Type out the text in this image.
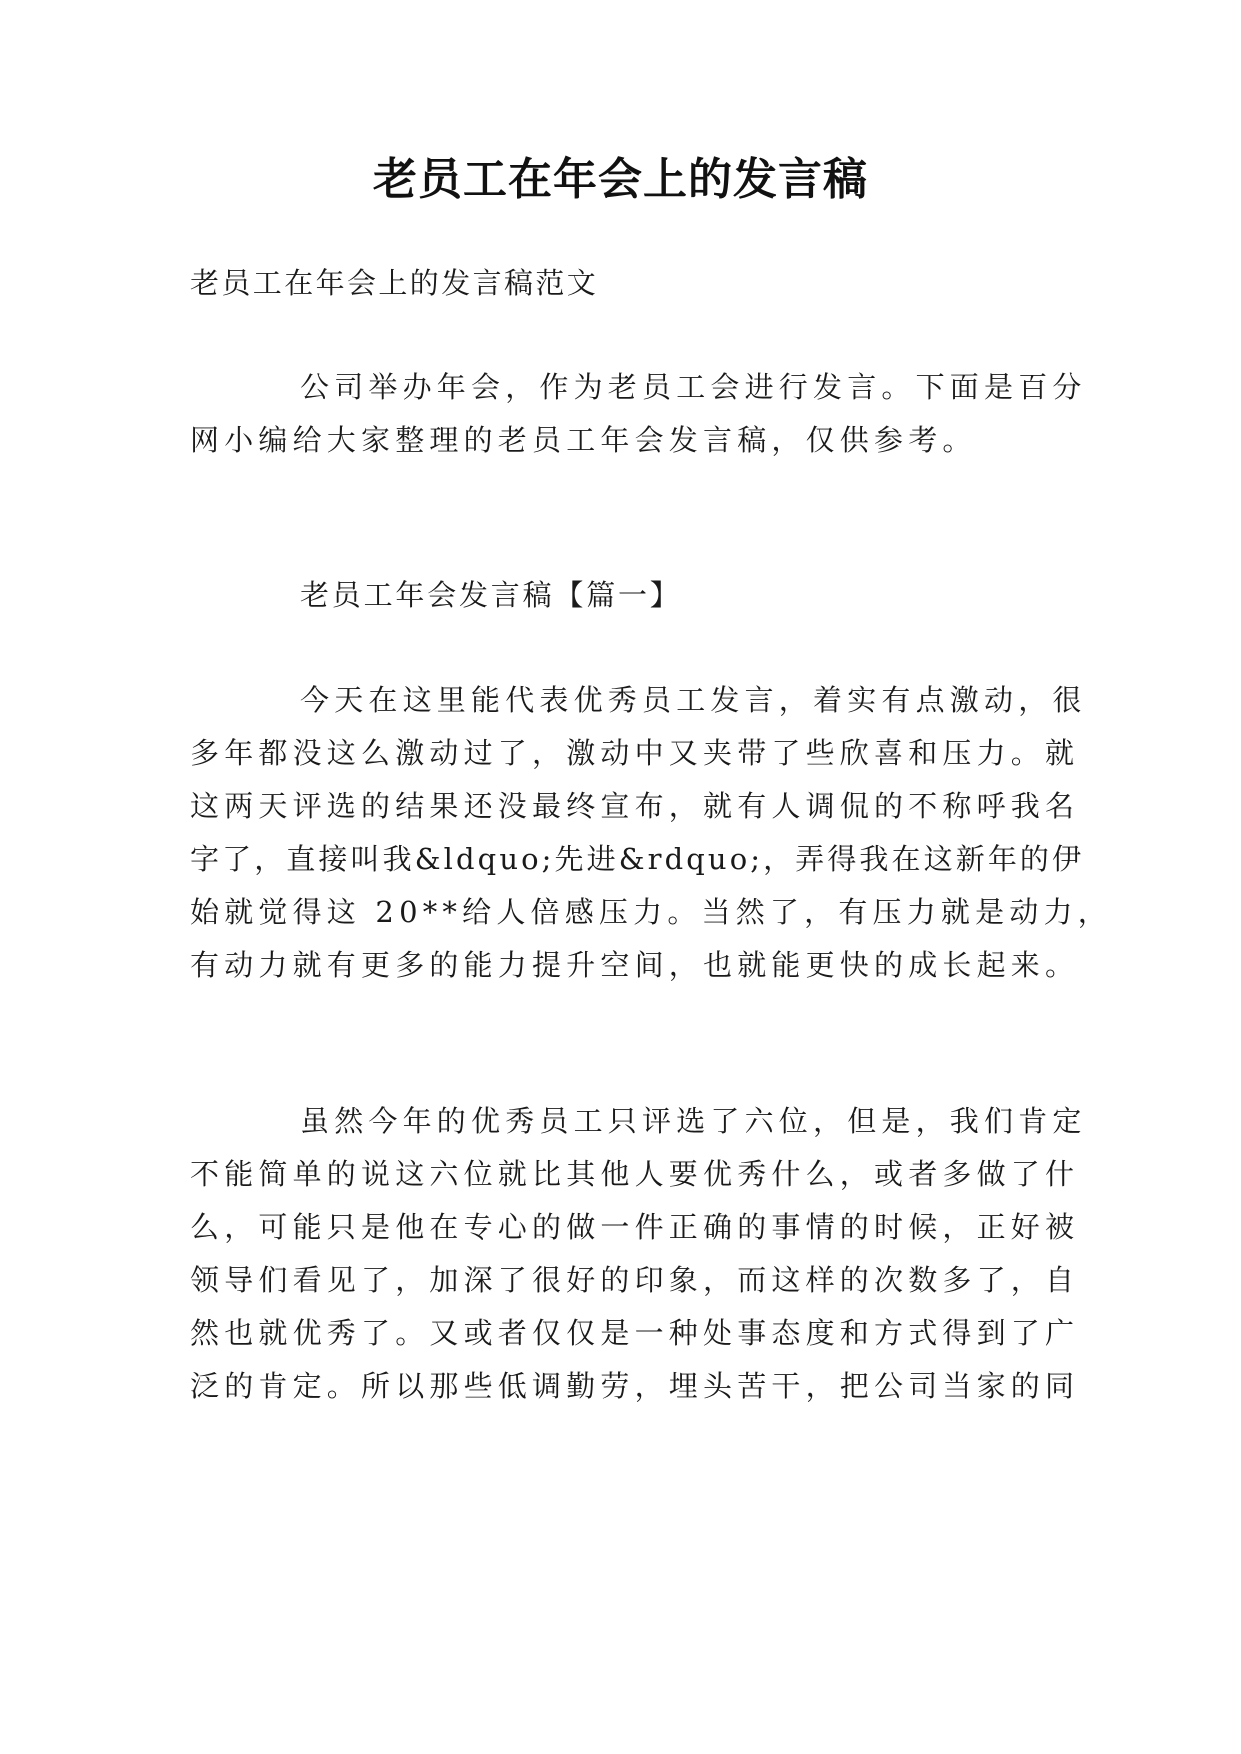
老员工在年会上的发言稿

老员工在年会上的发言稿范文

公司举办年会，作为老员工会进行发言。下面是百分

网小编给大家整理的老员工年会发言稿，仅供参考。

老员工年会发言稿【篇一】

今天在这里能代表优秀员工发言，着实有点激动，很

多年都没这么激动过了，激动中又夹带了些欣喜和压力。就

这两天评选的结果还没最终宣布，就有人调侃的不称呼我名

字了，直接叫我&ldquo;先进&rdquo;，弄得我在这新年的伊

始就觉得这 20**给人倍感压力。当然了，有压力就是动力，

有动力就有更多的能力提升空间，也就能更快的成长起来。

虽然今年的优秀员工只评选了六位，但是，我们肯定

不能简单的说这六位就比其他人要优秀什么，或者多做了什

么，可能只是他在专心的做一件正确的事情的时候，正好被

领导们看见了，加深了很好的印象，而这样的次数多了，自

然也就优秀了。又或者仅仅是一种处事态度和方式得到了广

泛的肯定。所以那些低调勤劳，埋头苦干，把公司当家的同
